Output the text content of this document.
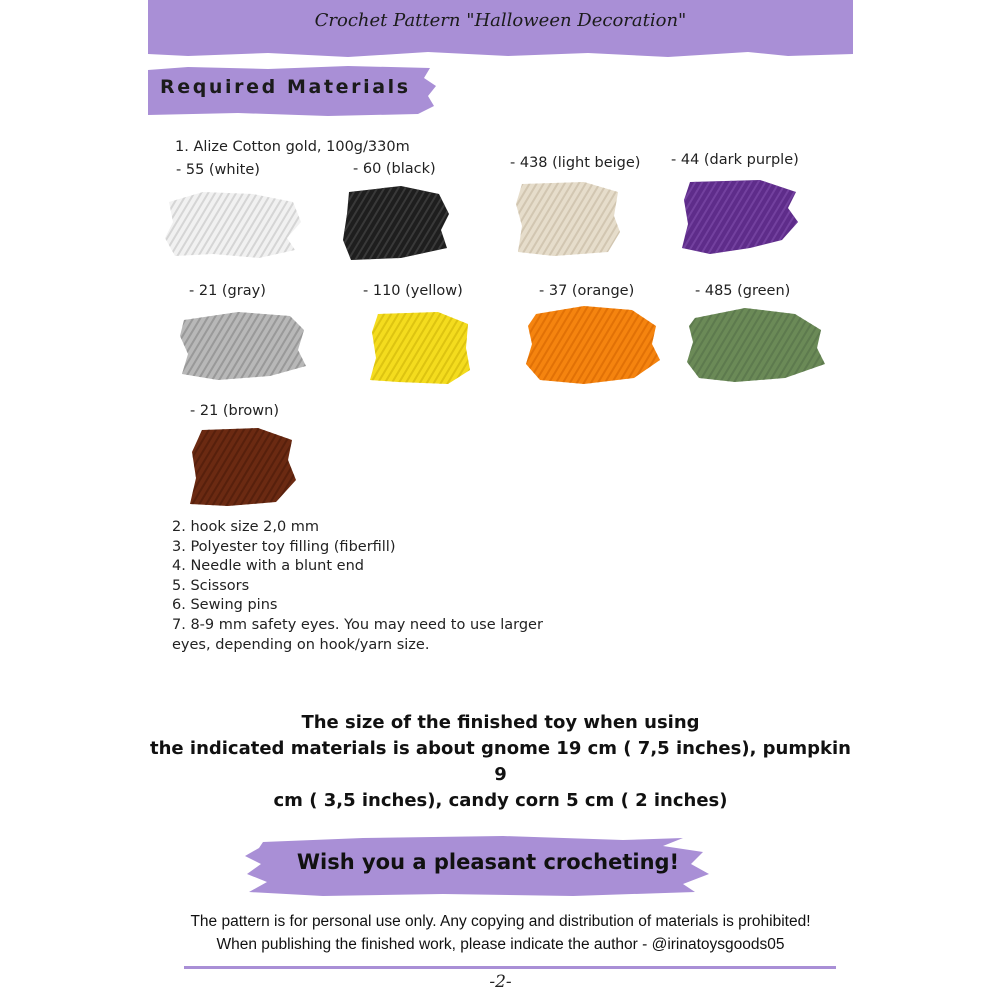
Crochet Pattern "Halloween Decoration"
Required Materials
1. Alize Cotton gold, 100g/330m
- 55 (white)	- 60 (black)	- 438 (light beige) - 44 (dark purple)
- 21 (gray)	- 110 (yellow)	- 37 (orange)	- 485 (green)
- 21 (brown)
2. hook size 2,0 mm
3. Polyester toy filling (fiberfill)
4. Needle with a blunt end
5. Scissors
6. Sewing pins
7. 8-9 mm safety eyes. You may need to use larger
eyes, depending on hook/yarn size.
The size of the finished toy when using
the indicated materials is about gnome 19 cm ( 7,5 inches), pumpkin 9
cm ( 3,5 inches), candy corn 5 cm ( 2 inches)
Wish you a pleasant crocheting!
The pattern is for personal use only. Any copying and distribution of materials is prohibited!
When publishing the finished work, please indicate the author - @irinatoysgoods05
-2-
